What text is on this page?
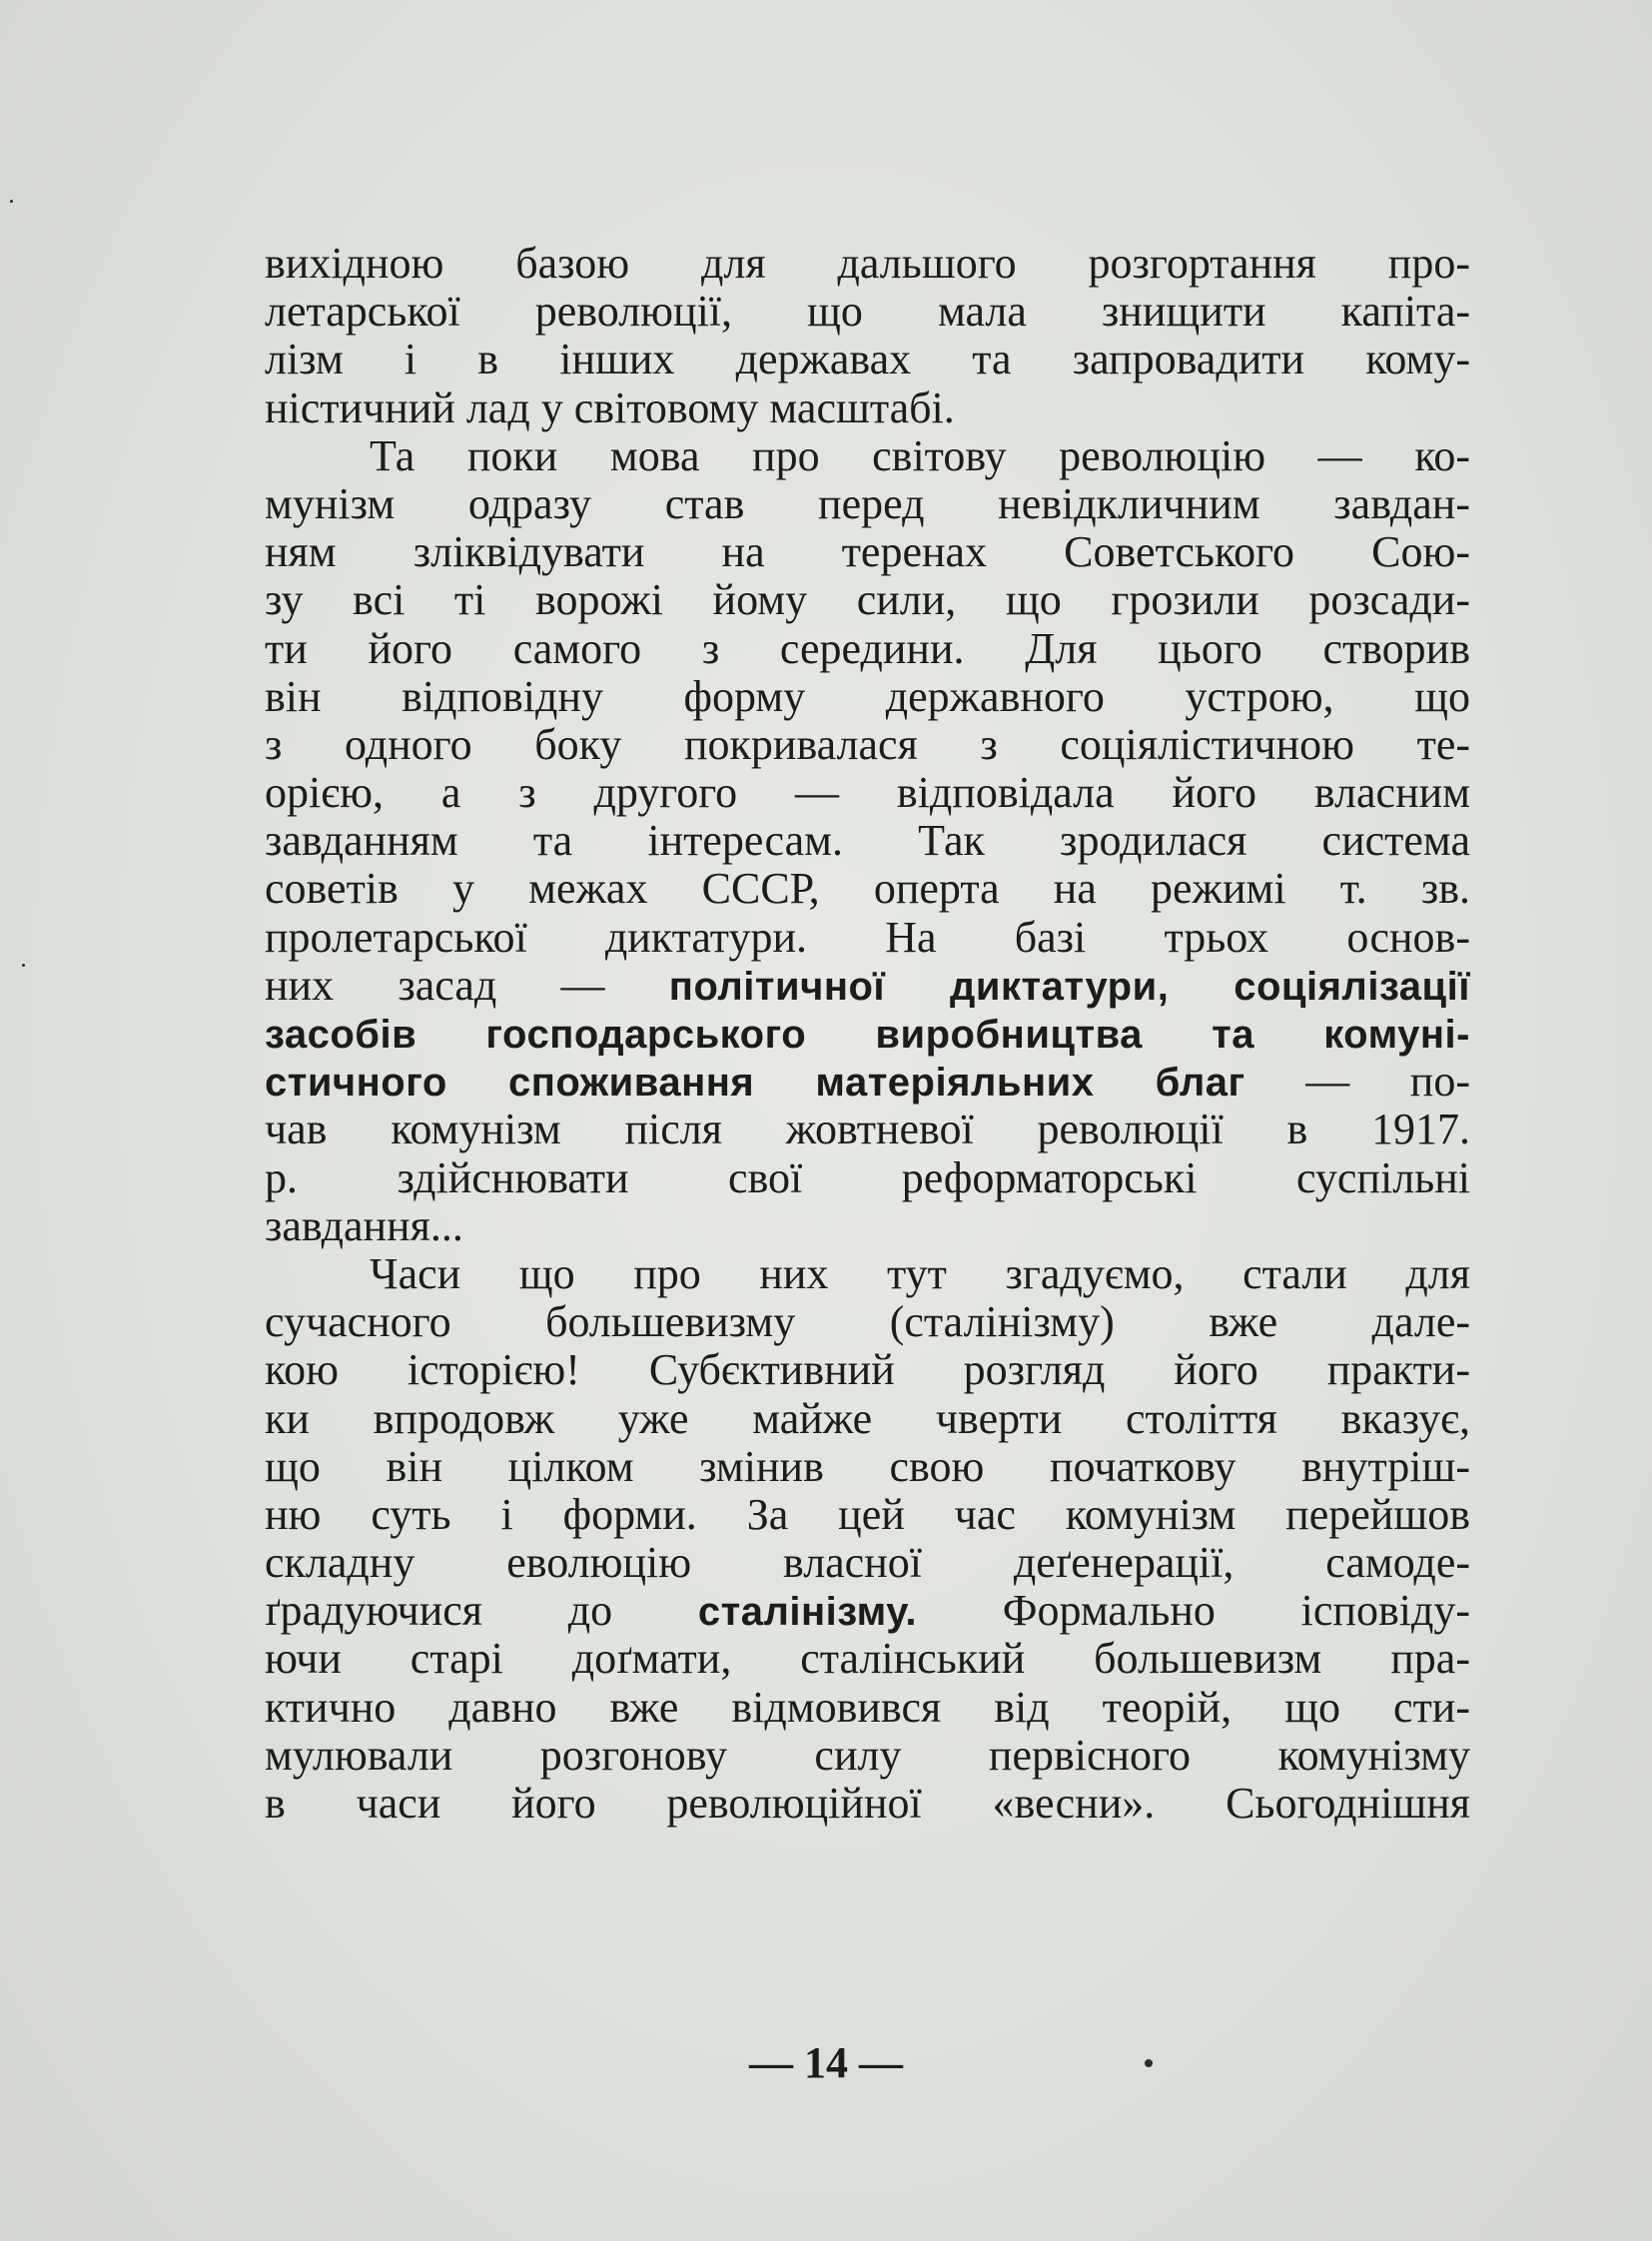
вихідною базою для дальшого розгортання про-
летарської революції, що мала знищити капіта-
лізм і в інших державах та запровадити кому-
ністичний лад у світовому масштабі.
Та поки мова про світову революцію — ко-
мунізм одразу став перед невідкличним завдан-
ням зліквідувати на теренах Советського Сою-
зу всі ті ворожі йому сили, що грозили розсади-
ти його самого з середини. Для цього створив
він відповідну форму державного устрою, що
з одного боку покривалася з соціялістичною те-
орією, а з другого — відповідала його власним
завданням та інтересам. Так зродилася система
советів у межах СССР, оперта на режимі т. зв.
пролетарської диктатури. На базі трьох основ-
них засад — політичної диктатури, соціялізації
засобів господарського виробництва та комуні-
стичного споживання матеріяльних благ — по-
чав комунізм після жовтневої революції в 1917.
р. здійснювати свої реформаторські суспільні
завдання...
Часи що про них тут згадуємо, стали для
сучасного большевизму (сталінізму) вже дале-
кою історією! Субєктивний розгляд його практи-
ки впродовж уже майже чверти століття вказує,
що він цілком змінив свою початкову внутріш-
ню суть і форми. За цей час комунізм перейшов
складну еволюцію власної деґенерації, самоде-
ґрадуючися до сталінізму. Формально ісповіду-
ючи старі доґмати, сталінський большевизм пра-
ктично давно вже відмовився від теорій, що сти-
мулювали розгонову силу первісного комунізму
в часи його революційної «весни». Сьогоднішня
— 14 —
